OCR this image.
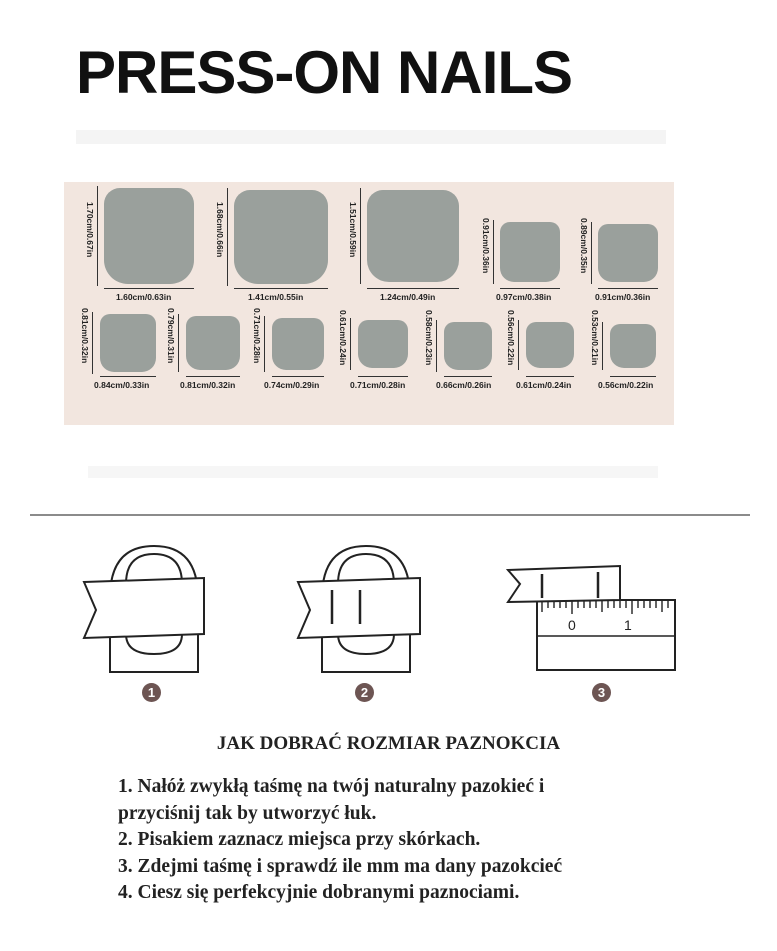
PRESS-ON NAILS
1.70cm/0.67in
1.60cm/0.63in
1.68cm/0.66in
1.41cm/0.55in
1.51cm/0.59in
1.24cm/0.49in
0.91cm/0.36in
0.97cm/0.38in
0.89cm/0.35in
0.91cm/0.36in
0.81cm/0.32in
0.84cm/0.33in
0.79cm/0.31in
0.81cm/0.32in
0.71cm/0.28in
0.74cm/0.29in
0.61cm/0.24in
0.71cm/0.28in
0.58cm/0.23in
0.66cm/0.26in
0.56cm/0.22in
0.61cm/0.24in
0.53cm/0.21in
0.56cm/0.22in
1	2
0	1
3
JAK DOBRAĆ ROZMIAR PAZNOKCIA
1. Nałóż zwykłą taśmę na twój naturalny pazokieć i
przyciśnij tak by utworzyć łuk.
2. Pisakiem zaznacz miejsca przy skórkach.
3. Zdejmi taśmę i sprawdź ile mm ma dany pazokcieć
4. Ciesz się perfekcyjnie dobranymi paznociami.
